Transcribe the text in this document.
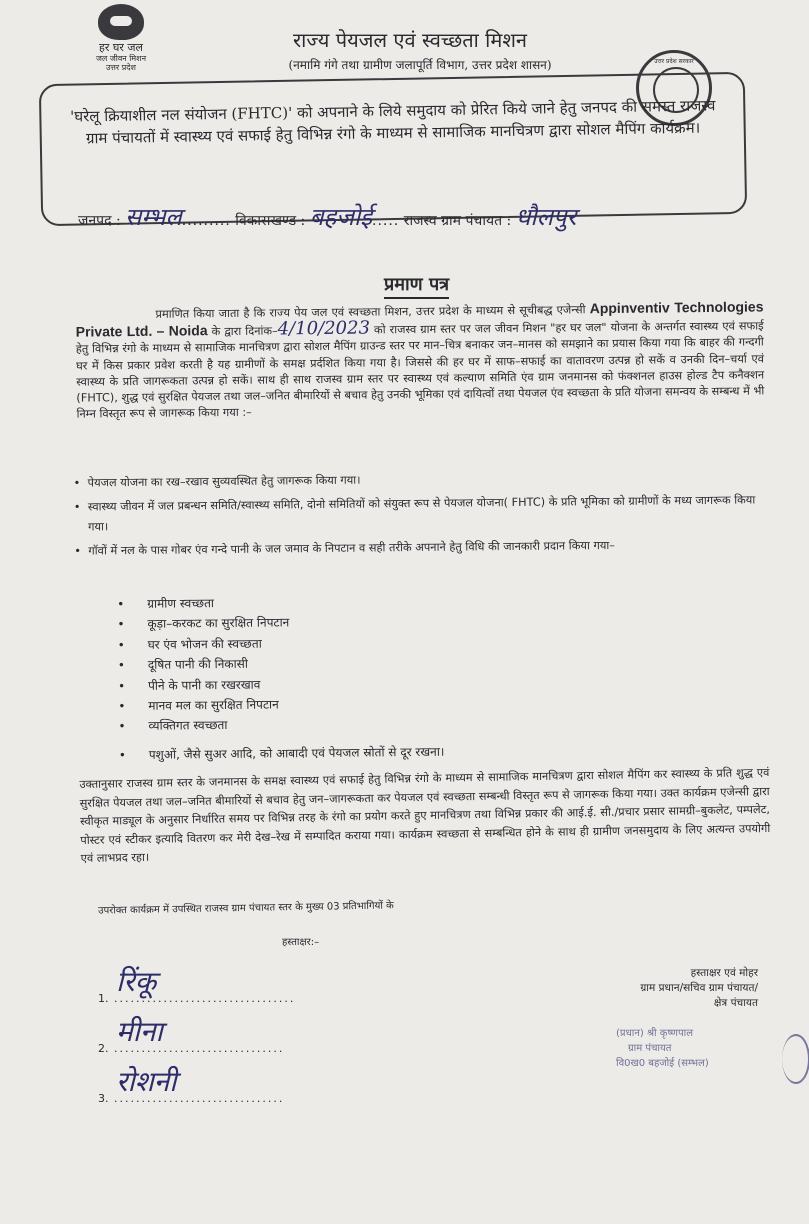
हर घर जल
जल जीवन मिशन
उत्तर प्रदेश
राज्य पेयजल एवं स्वच्छता मिशन
(नमामि गंगे तथा ग्रामीण जलापूर्ति विभाग, उत्तर प्रदेश शासन)	उत्तर प्रदेश सरकार
'घरेलू क्रियाशील नल संयोजन (FHTC)' को अपनाने के लिये समुदाय को प्रेरित किये जाने हेतु जनपद की समस्त राजस्व ग्राम पंचायतों में स्वास्थ्य एवं सफाई हेतु विभिन्न रंगो के माध्यम से सामाजिक मानचित्रण द्वारा सोशल मैपिंग कार्यक्रम।
जनपद : सम्भल......... विकासखण्ड : बहजोई..... राजस्व ग्राम पंचायत : धौलपुर
प्रमाण पत्र
प्रमाणित किया जाता है कि राज्य पेय जल एवं स्वच्छता मिशन, उत्तर प्रदेश के माध्यम से सूचीबद्ध एजेन्सी Appinventiv Technologies Private Ltd. – Noida के द्वारा दिनांक–4/10/2023 को राजस्व ग्राम स्तर पर जल जीवन मिशन "हर घर जल" योजना के अन्तर्गत स्वास्थ्य एवं सफाई हेतु विभिन्न रंगो के माध्यम से सामाजिक मानचित्रण द्वारा सोशल मैपिंग ग्राउन्ड स्तर पर मान–चित्र बनाकर जन–मानस को समझाने का प्रयास किया गया कि बाहर की गन्दगी घर में किस प्रकार प्रवेश करती है यह ग्रामीणों के समक्ष प्रर्दशित किया गया है। जिससे की हर घर में साफ–सफाई का वातावरण उत्पन्न हो सकें व उनकी दिन–चर्या एवं स्वास्थ्य के प्रति जागरूकता उत्पन्न हो सकें। साथ ही साथ राजस्व ग्राम स्तर पर स्वास्थ्य एवं कल्याण समिति एंव ग्राम जनमानस को फंक्शनल हाउस होल्ड टैप कनैक्शन (FHTC), शुद्ध एवं सुरक्षित पेयजल तथा जल–जनित बीमारियों से बचाव हेतु उनकी भूमिका एवं दायित्वों तथा पेयजल एंव स्वच्छता के प्रति योजना समन्वय के सम्बन्ध में भी निम्न विस्तृत रूप से जागरूक किया गया :–
• पेयजल योजना का रख–रखाव सुव्यवस्थित हेतु जागरूक किया गया।
• स्वास्थ्य जीवन में जल प्रबन्धन समिति/स्वास्थ्य समिति, दोनो समितियों को संयुक्त रूप से पेयजल योजना( FHTC) के प्रति भूमिका को ग्रामीणों के मध्य जागरूक किया गया।
• गॉवों में नल के पास गोबर एंव गन्दे पानी के जल जमाव के निपटान व सही तरीके अपनाने हेतु विधि की जानकारी प्रदान किया गया–
• ग्रामीण स्वच्छता
• कूड़ा–करकट का सुरक्षित निपटान
• घर एंव भोजन की स्वच्छता
• दूषित पानी की निकासी
• पीने के पानी का रखरखाव
• मानव मल का सुरक्षित निपटान
• व्यक्तिगत स्वच्छता
• पशुओं, जैसे सुअर आदि, को आबादी एवं पेयजल स्रोतों से दूर रखना।
उक्तानुसार राजस्व ग्राम स्तर के जनमानस के समक्ष स्वास्थ्य एवं सफाई हेतु विभिन्न रंगो के माध्यम से सामाजिक मानचित्रण द्वारा सोशल मैपिंग कर स्वास्थ्य के प्रति शुद्ध एवं सुरक्षित पेयजल तथा जल–जनित बीमारियों से बचाव हेतु जन–जागरूकता कर पेयजल एवं स्वच्छता सम्बन्धी विस्तृत रूप से जागरूक किया गया। उक्त कार्यक्रम एजेन्सी द्वारा स्वीकृत माड्यूल के अनुसार निर्धारित समय पर विभिन्न तरह के रंगो का प्रयोग करते हुए मानचित्रण तथा विभिन्न प्रकार की आई.ई. सी./प्रचार प्रसार सामग्री–बुकलेट, पम्पलेट, पोस्टर एवं स्टीकर इत्यादि वितरण कर मेरी देख–रेख में सम्पादित कराया गया। कार्यक्रम स्वच्छता से सम्बन्धित होने के साथ ही ग्रामीण जनसमुदाय के लिए अत्यन्त उपयोगी एवं लाभप्रद रहा।
उपरोक्त कार्यक्रम में उपस्थित राजस्व ग्राम पंचायत स्तर के मुख्य 03 प्रतिभागियों के
हस्ताक्षर:–
1. .................................
रिंकू
2. ...............................
मीना
3. ...............................
रोशनी
हस्ताक्षर एवं मोहर
ग्राम प्रधान/सचिव ग्राम पंचायत/
क्षेत्र पंचायत
(प्रधान) श्री कृष्णपाल
ग्राम पंचायत
वि0ख0 बहजोई (सम्भल)
